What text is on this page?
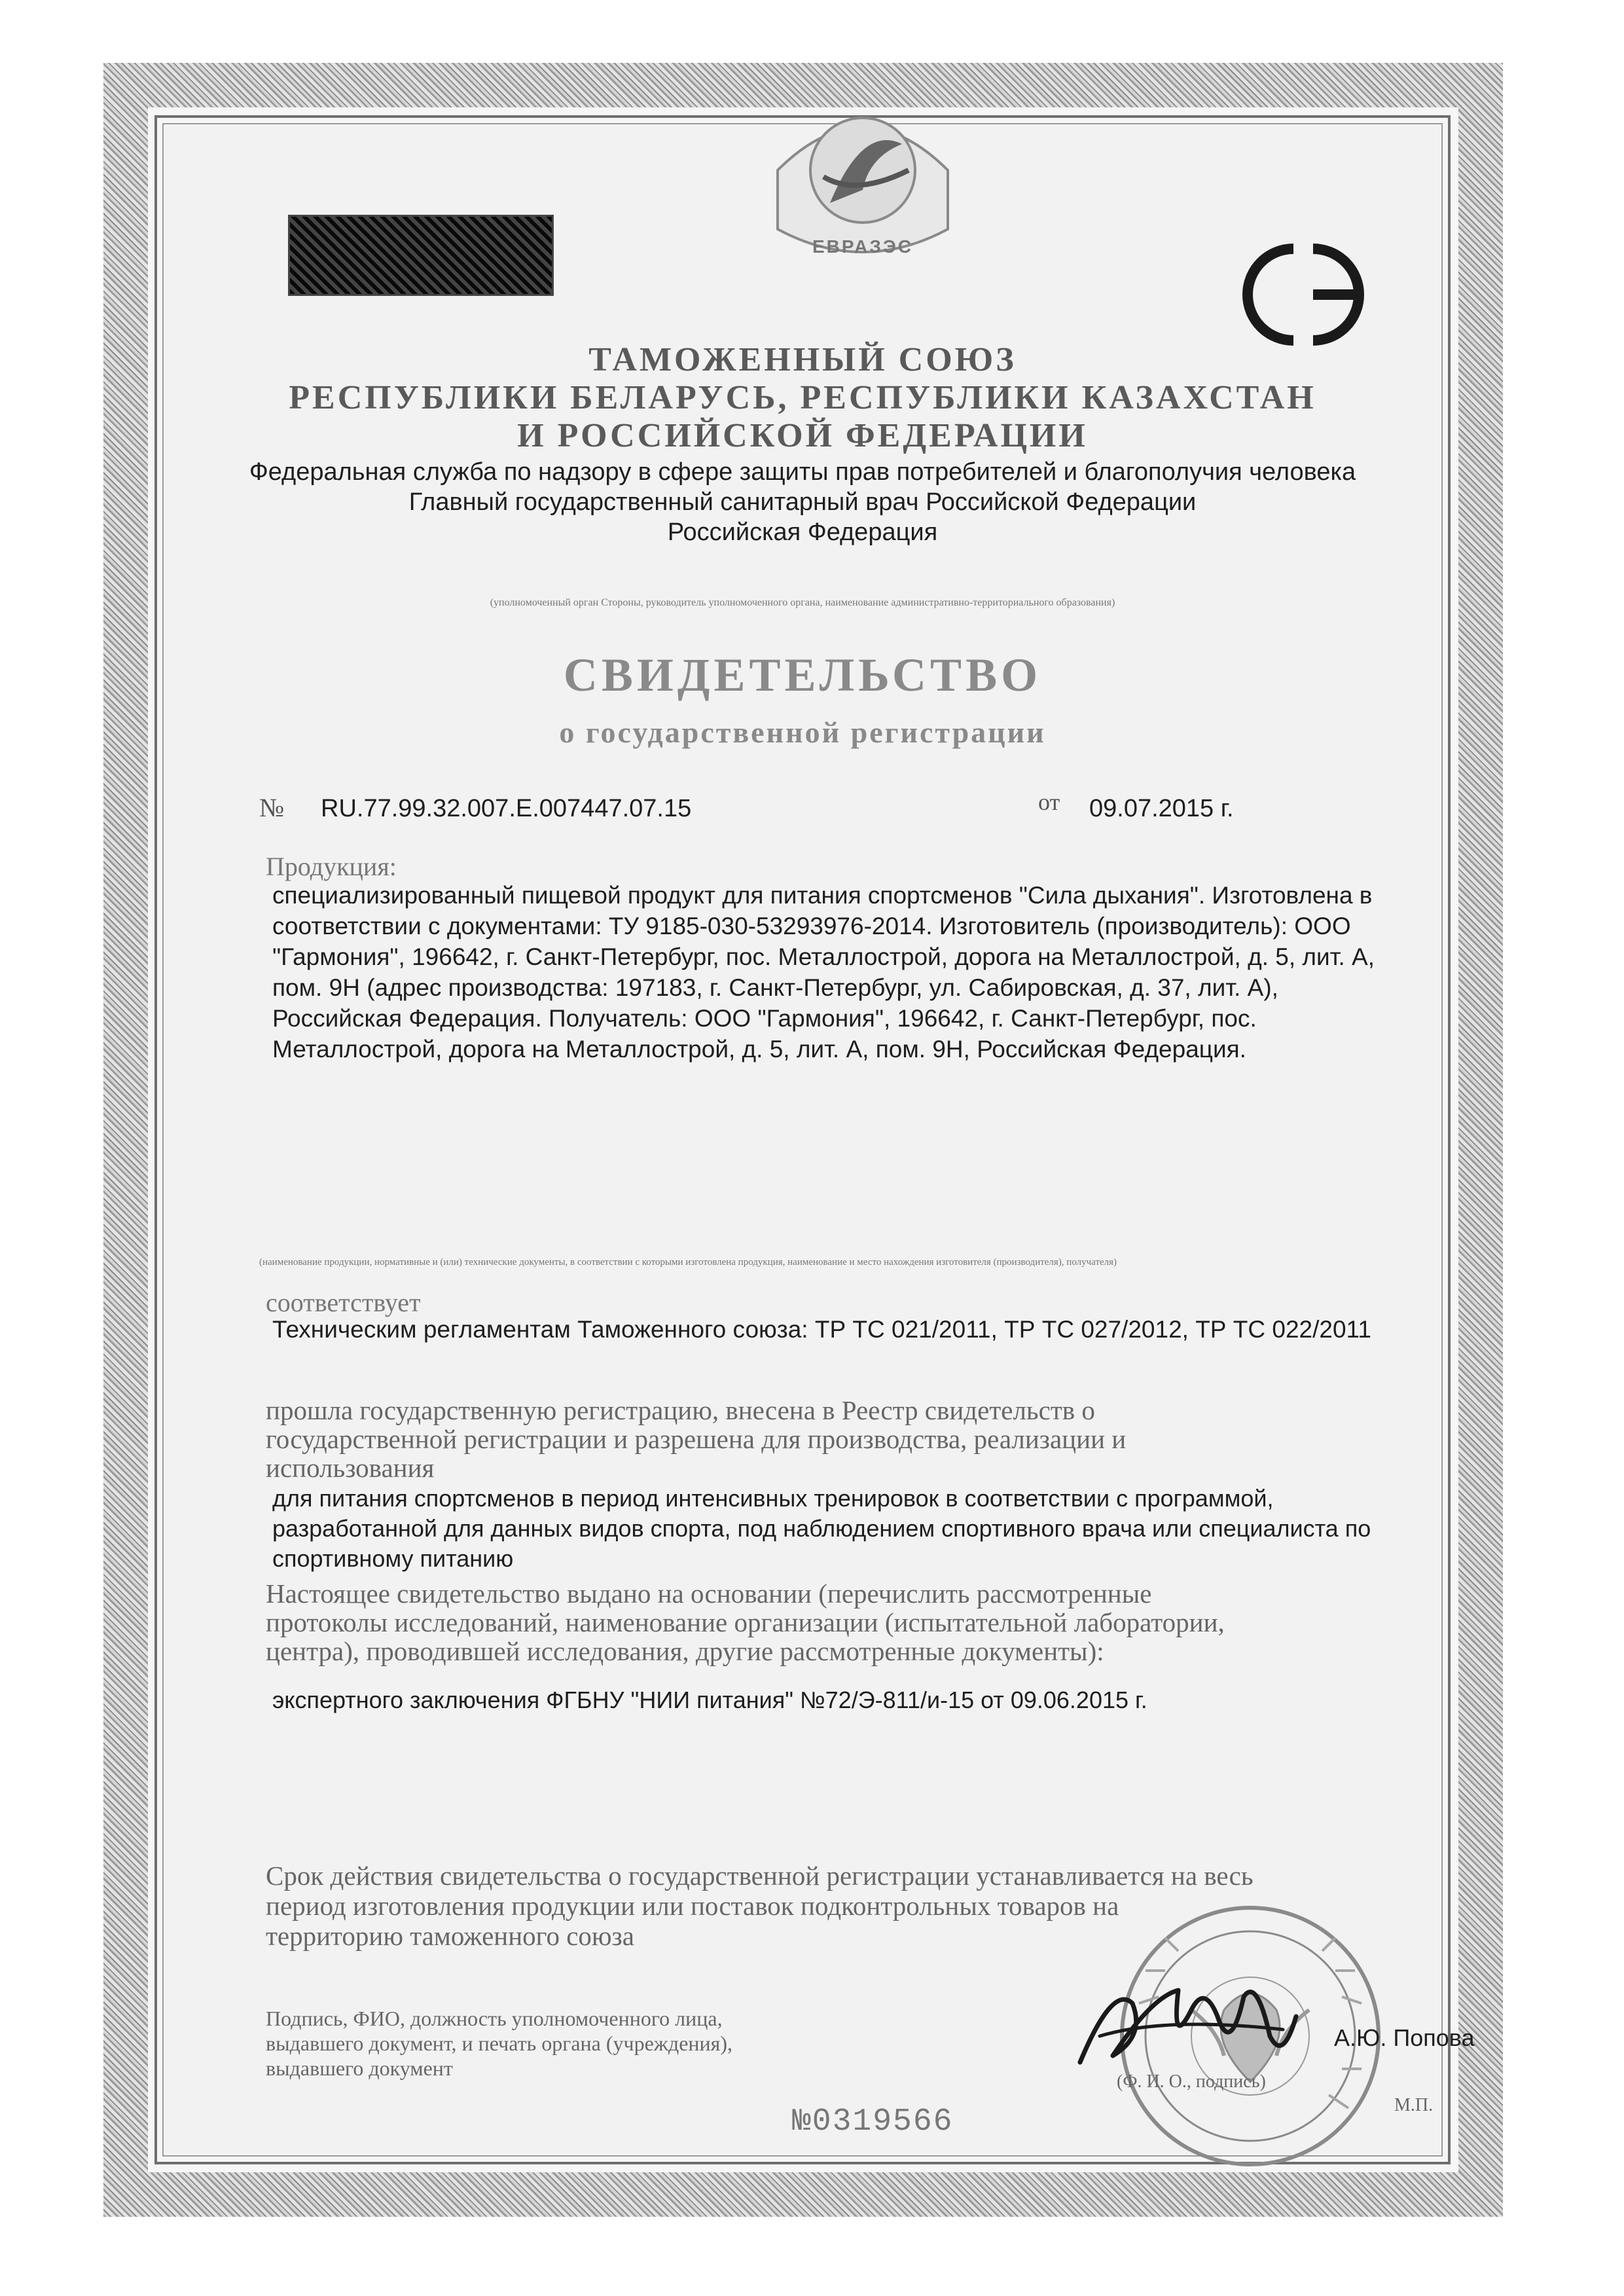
ЕВРАЗЭС
ТАМОЖЕННЫЙ СОЮЗ
РЕСПУБЛИКИ БЕЛАРУСЬ, РЕСПУБЛИКИ КАЗАХСТАН
И РОССИЙСКОЙ ФЕДЕРАЦИИ
Федеральная служба по надзору в сфере защиты прав потребителей и благополучия человека
Главный государственный санитарный врач Российской Федерации
Российская Федерация
(уполномоченный орган Стороны, руководитель уполномоченного органа, наименование административно-территориального образования)
СВИДЕТЕЛЬСТВО
о государственной регистрации
№ RU.77.99.32.007.Е.007447.07.15	от 09.07.2015 г.
Продукция:
специализированный пищевой продукт для питания спортсменов "Сила дыхания". Изготовлена в
соответствии с документами: ТУ 9185-030-53293976-2014. Изготовитель (производитель): ООО
"Гармония", 196642, г. Санкт-Петербург, пос. Металлострой, дорога на Металлострой, д. 5, лит. А,
пом. 9Н (адрес производства: 197183, г. Санкт-Петербург, ул. Сабировская, д. 37, лит. А),
Российская Федерация. Получатель: ООО "Гармония", 196642, г. Санкт-Петербург, пос.
Металлострой, дорога на Металлострой, д. 5, лит. А, пом. 9Н, Российская Федерация.
(наименование продукции, нормативные и (или) технические документы, в соответствии с которыми изготовлена продукция, наименование и место нахождения изготовителя (производителя), получателя)
соответствует
Техническим регламентам Таможенного союза: ТР ТС 021/2011, ТР ТС 027/2012, ТР ТС 022/2011
прошла государственную регистрацию, внесена в Реестр свидетельств о
государственной регистрации и разрешена для производства, реализации и
использования
для питания спортсменов в период интенсивных тренировок в соответствии с программой,
разработанной для данных видов спорта, под наблюдением спортивного врача или специалиста по
спортивному питанию
Настоящее свидетельство выдано на основании (перечислить рассмотренные
протоколы исследований, наименование организации (испытательной лаборатории,
центра), проводившей исследования, другие рассмотренные документы):
экспертного заключения ФГБНУ "НИИ питания" №72/Э-811/и-15 от 09.06.2015 г.
Срок действия свидетельства о государственной регистрации устанавливается на весь
период изготовления продукции или поставок подконтрольных товаров на
территорию таможенного союза
Подпись, ФИО, должность уполномоченного лица,
выдавшего документ, и печать органа (учреждения),
выдавшего документ
А.Ю. Попова
(Ф. И. О., подпись)
М.П.
№0319566
